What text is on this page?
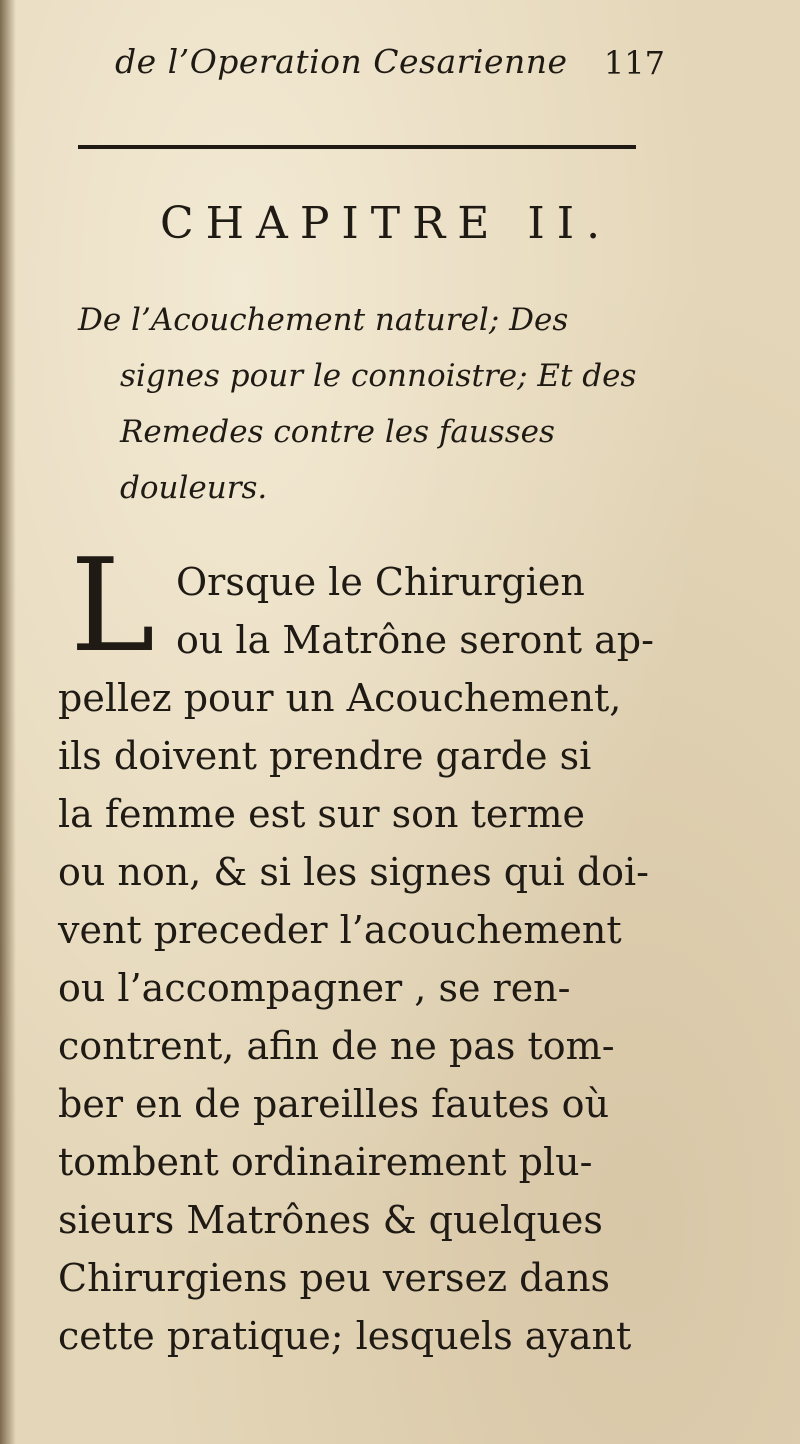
de l’Operation Cesarienne 117
CHAPITRE II.
De l’Acouchement naturel; Des
signes pour le connoistre; Et des
Remedes contre les fausses
douleurs.
L Orsque le Chirurgien
ou la Matrône seront ap-
pellez pour un Acouchement,
ils doivent prendre garde si
la femme est sur son terme
ou non, & si les signes qui doi-
vent preceder l’acouchement
ou l’accompagner , se ren-
contrent, afin de ne pas tom-
ber en de pareilles fautes où
tombent ordinairement plu-
sieurs Matrônes & quelques
Chirurgiens peu versez dans
cette pratique; lesquels ayant
